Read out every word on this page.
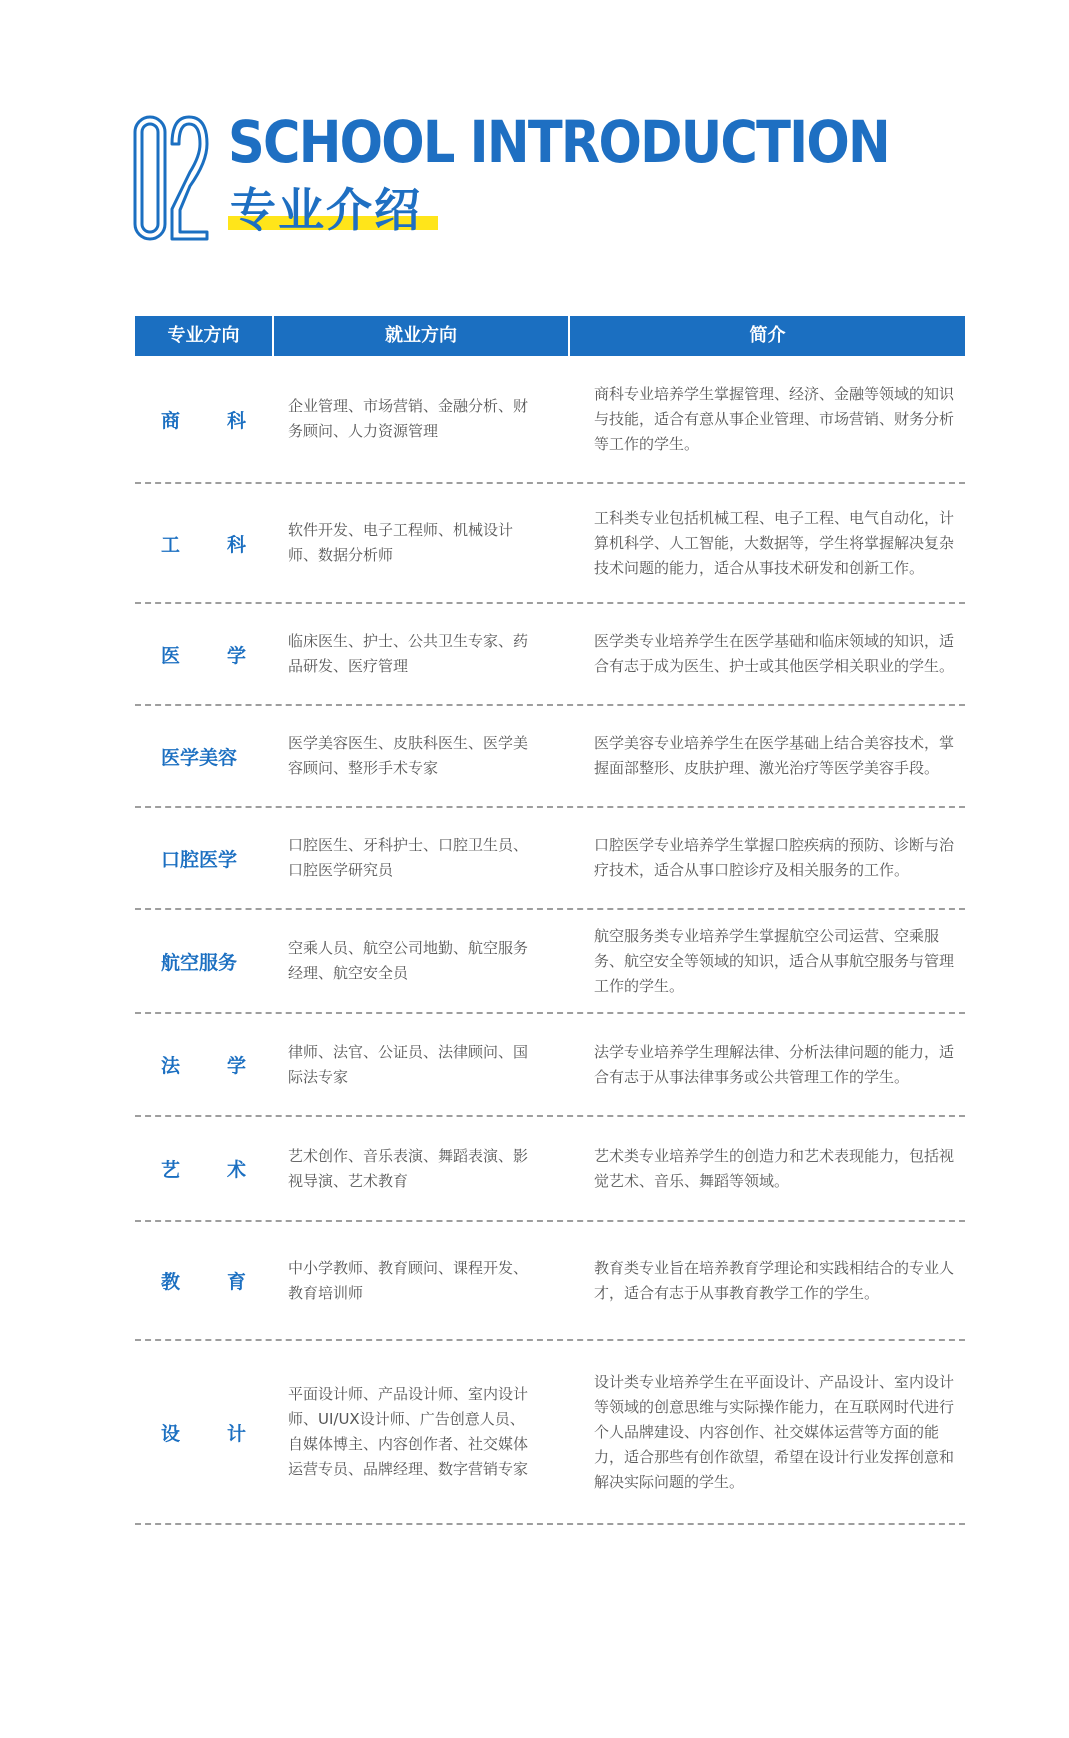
SCHOOL INTRODUCTION
专业介绍
专业方向	就业方向	简介
商科
企业管理、市场营销、金融分析、财务顾问、人力资源管理
商科专业培养学生掌握管理、经济、金融等领域的知识与技能，适合有意从事企业管理、市场营销、财务分析等工作的学生。
工科
软件开发、电子工程师、机械设计师、数据分析师
工科类专业包括机械工程、电子工程、电气自动化，计算机科学、人工智能，大数据等，学生将掌握解决复杂技术问题的能力，适合从事技术研发和创新工作。
医学
临床医生、护士、公共卫生专家、药品研发、医疗管理
医学类专业培养学生在医学基础和临床领域的知识，适合有志于成为医生、护士或其他医学相关职业的学生。
医学美容
医学美容医生、皮肤科医生、医学美容顾问、整形手术专家
医学美容专业培养学生在医学基础上结合美容技术，掌握面部整形、皮肤护理、激光治疗等医学美容手段。
口腔医学
口腔医生、牙科护士、口腔卫生员、口腔医学研究员
口腔医学专业培养学生掌握口腔疾病的预防、诊断与治疗技术，适合从事口腔诊疗及相关服务的工作。
航空服务
空乘人员、航空公司地勤、航空服务经理、航空安全员
航空服务类专业培养学生掌握航空公司运营、空乘服务、航空安全等领域的知识，适合从事航空服务与管理工作的学生。
法学
律师、法官、公证员、法律顾问、国际法专家
法学专业培养学生理解法律、分析法律问题的能力，适合有志于从事法律事务或公共管理工作的学生。
艺术
艺术创作、音乐表演、舞蹈表演、影视导演、艺术教育
艺术类专业培养学生的创造力和艺术表现能力，包括视觉艺术、音乐、舞蹈等领域。
教育
中小学教师、教育顾问、课程开发、教育培训师
教育类专业旨在培养教育学理论和实践相结合的专业人才，适合有志于从事教育教学工作的学生。
设计
平面设计师、产品设计师、室内设计师、UI/UX设计师、广告创意人员、自媒体博主、内容创作者、社交媒体运营专员、品牌经理、数字营销专家
设计类专业培养学生在平面设计、产品设计、室内设计等领域的创意思维与实际操作能力，在互联网时代进行个人品牌建设、内容创作、社交媒体运营等方面的能力，适合那些有创作欲望，希望在设计行业发挥创意和解决实际问题的学生。
